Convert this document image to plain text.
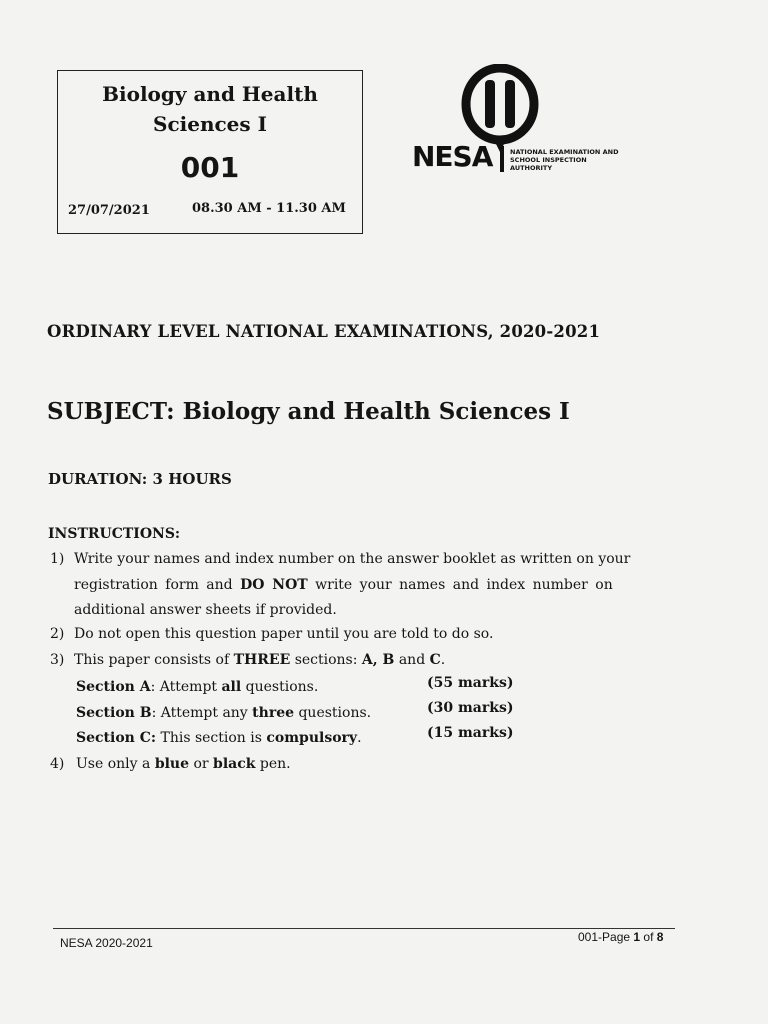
Biology and Health
Sciences I
001
27/07/2021	08.30 AM - 11.30 AM
NESA	NATIONAL EXAMINATION AND
SCHOOL INSPECTION
AUTHORITY
ORDINARY LEVEL NATIONAL EXAMINATIONS, 2020-2021
SUBJECT: Biology and Health Sciences I
DURATION: 3 HOURS
INSTRUCTIONS:
1) Write your names and index number on the answer booklet as written on your
registration form and DO NOT write your names and index number on
additional answer sheets if provided.
2) Do not open this question paper until you are told to do so.
3) This paper consists of THREE sections: A, B and C.
Section A: Attempt all questions.	(55 marks)
Section B: Attempt any three questions.	(30 marks)
Section C: This section is compulsory.	(15 marks)
4) Use only a blue or black pen.
NESA 2020-2021	001-Page 1 of 8
